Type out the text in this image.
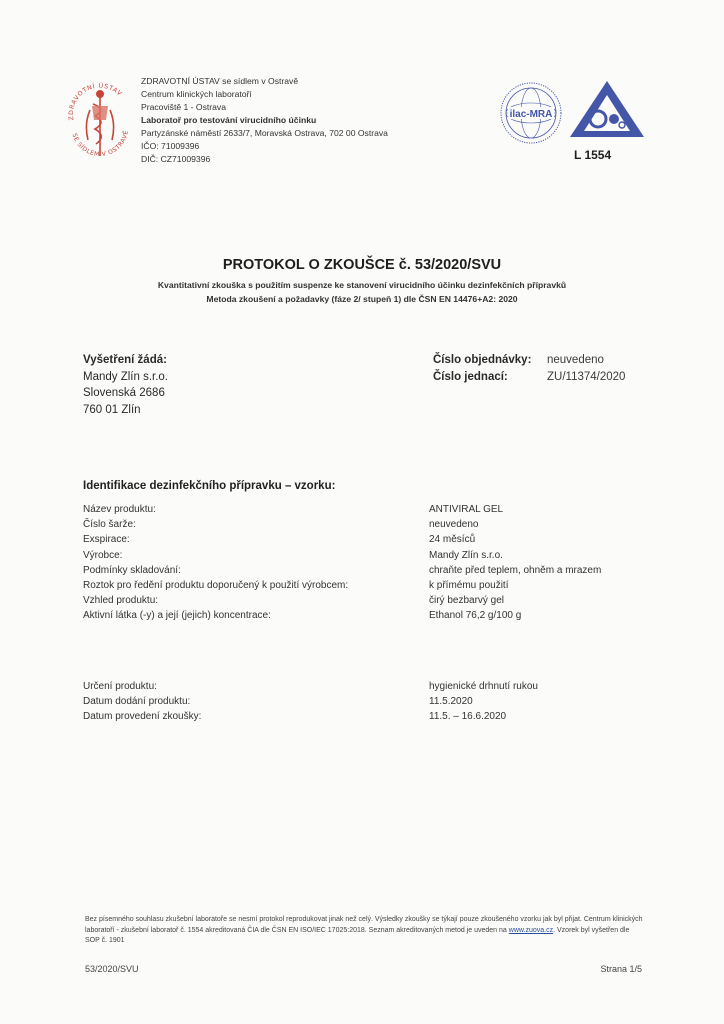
ZDRAVOTNÍ ÚSTAV
SE SÍDLEM V OSTRAVĚ
ZDRAVOTNÍ ÚSTAV se sídlem v Ostravě
Centrum klinických laboratoří
Pracoviště 1 - Ostrava
Laboratoř pro testování virucidního účinku
Partyzánské náměstí 2633/7, Moravská Ostrava, 702 00 Ostrava
IČO: 71009396
DIČ: CZ71009396
ilac-MRA
L 1554
PROTOKOL O ZKOUŠCE č. 53/2020/SVU
Kvantitativní zkouška s použitím suspenze ke stanovení virucidního účinku dezinfekčních přípravků
Metoda zkoušení a požadavky (fáze 2/ stupeň 1) dle ČSN EN 14476+A2: 2020
Vyšetření žádá:
Mandy Zlín s.r.o.
Slovenská 2686
760 01 Zlín
Číslo objednávky:	neuvedeno
Číslo jednací:	ZU/11374/2020
Identifikace dezinfekčního přípravku – vzorku:
Název produktu:	ANTIVIRAL GEL
Číslo šarže:	neuvedeno
Exspirace:	24 měsíců
Výrobce:	Mandy Zlín s.r.o.
Podmínky skladování:	chraňte před teplem, ohněm a mrazem
Roztok pro ředění produktu doporučený k použití výrobcem:	k přímému použití
Vzhled produktu:	čirý bezbarvý gel
Aktivní látka (-y) a její (jejich) koncentrace:	Ethanol 76,2 g/100 g
Určení produktu:	hygienické drhnutí rukou
Datum dodání produktu:	11.5.2020
Datum provedení zkoušky:	11.5. – 16.6.2020
Bez písemného souhlasu zkušební laboratoře se nesmí protokol reprodukovat jinak než celý. Výsledky zkoušky se týkají pouze zkoušeného vzorku jak byl přijat. Centrum klinických laboratoří - zkušební laboratoř č. 1554 akreditovaná ČIA dle ČSN EN ISO/IEC 17025:2018. Seznam akreditovaných metod je uveden na www.zuova.cz. Vzorek byl vyšetřen dle SOP č. 1901
53/2020/SVU	Strana 1/5
